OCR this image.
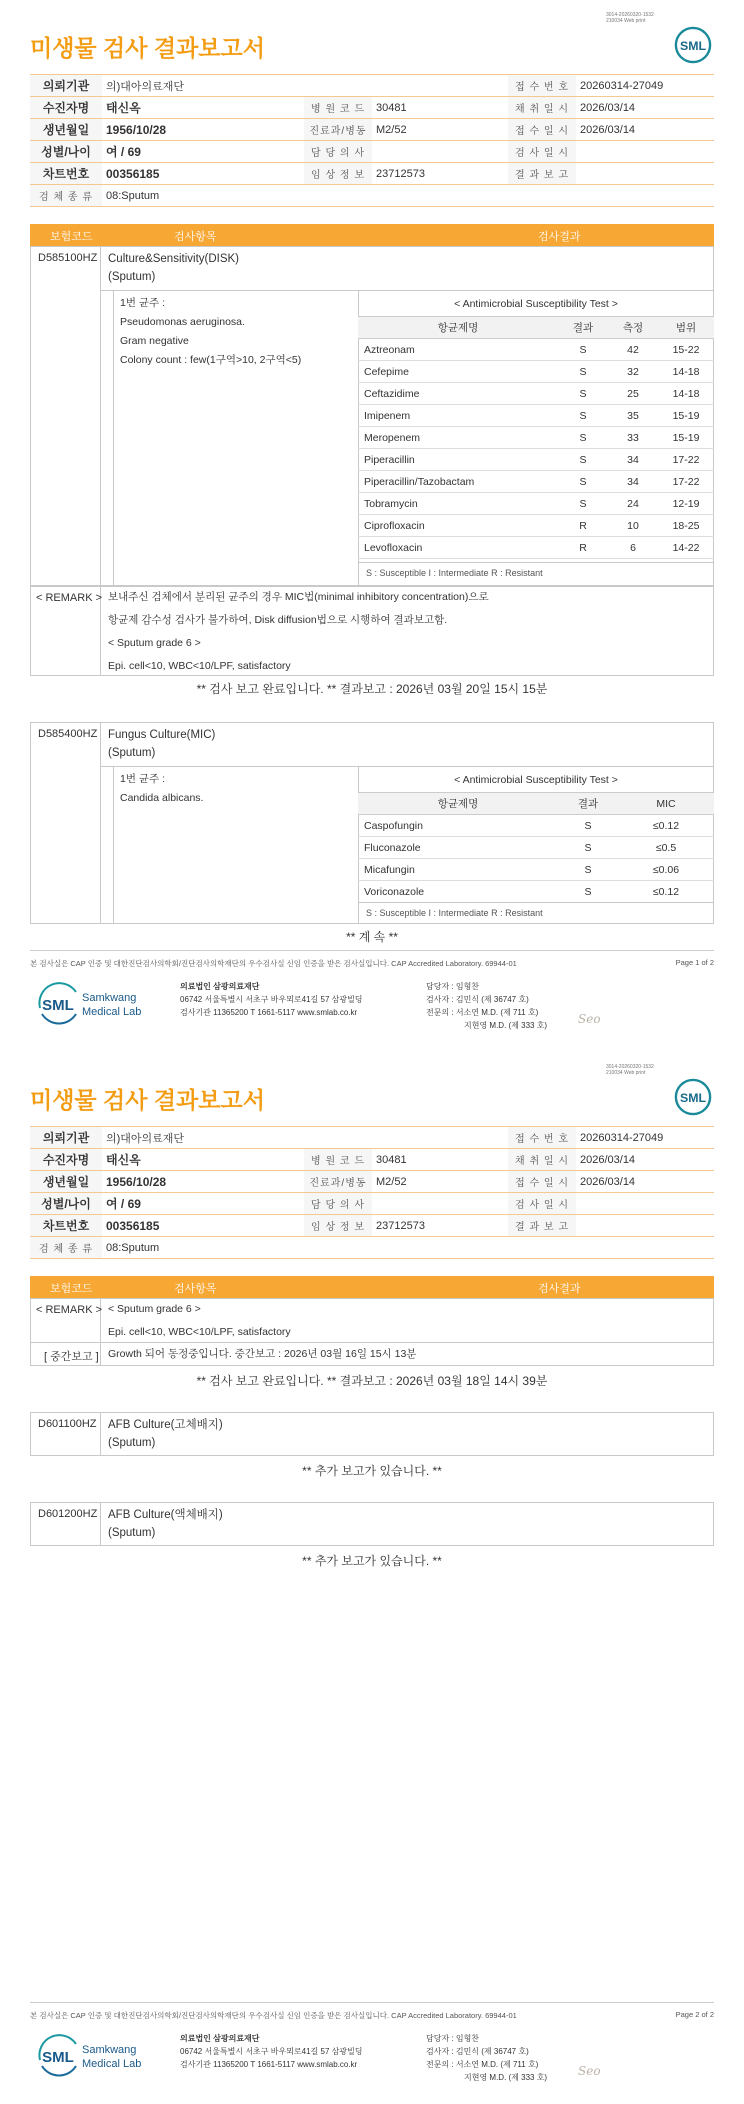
3014-20260320-1532
210034 Web print
미생물 검사 결과보고서	SML
의뢰기관	의)대아의료재단			접 수 번 호	20260314-27049
수진자명	태신옥	병 원 코 드	30481	채 취 일 시	2026/03/14
생년월일	1956/10/28	진료과/병동	M2/52	접 수 일 시	2026/03/14
성별/나이	여 / 69	담 당 의 사		검 사 일 시	
차트번호	00356185	임 상 정 보	23712573	결 과 보 고	
검 체 종 류	08:Sputum				
보험코드	검사항목	검사결과
D585100HZ Culture&Sensitivity(DISK)
(Sputum)
1번 균주 :
Pseudomonas aeruginosa.
Gram negative
Colony count : few(1구역>10, 2구역<5)
< Antimicrobial Susceptibility Test >
항균제명	결과	측정	범위
Aztreonam	S	42	15-22
Cefepime	S	32	14-18
Ceftazidime	S	25	14-18
Imipenem	S	35	15-19
Meropenem	S	33	15-19
Piperacillin	S	34	17-22
Piperacillin/Tazobactam	S	34	17-22
Tobramycin	S	24	12-19
Ciprofloxacin	R	10	18-25
Levofloxacin	R	6	14-22
S : Susceptible I : Intermediate R : Resistant
< REMARK > 보내주신 검체에서 분리된 균주의 경우 MIC법(minimal inhibitory concentration)으로
항균제 감수성 검사가 불가하여, Disk diffusion법으로 시행하여 결과보고함.
< Sputum grade 6 >
Epi. cell<10, WBC<10/LPF, satisfactory
** 검사 보고 완료입니다. ** 결과보고 : 2026년 03월 20일 15시 15분
D585400HZ Fungus Culture(MIC)
(Sputum)
1번 균주 :
Candida albicans.
< Antimicrobial Susceptibility Test >
항균제명	결과	MIC
Caspofungin	S	≤0.12
Fluconazole	S	≤0.5
Micafungin	S	≤0.06
Voriconazole	S	≤0.12
S : Susceptible I : Intermediate R : Resistant
** 계 속 **
본 검사실은 CAP 인증 및 대한진단검사의학회/진단검사의학재단의 우수검사실 신임 인증을 받은 검사실입니다. CAP Accredited Laboratory. 69944-01	Page 1 of 2
SML Samkwang
Medical Lab
의료법인 삼광의료재단
06742 서울특별시 서초구 바우뫼로41길 57 삼광빌딩
검사기관 11365200 T 1661-5117 www.smlab.co.kr
담당자 : 임형찬
검사자 : 김민식 (제 36747 호)
전문의 : 서소연 M.D. (제 711 호)
지현영 M.D. (제 333 호)	Seo
3014-20260320-1532
210034 Web print
미생물 검사 결과보고서	SML
의뢰기관	의)대아의료재단			접 수 번 호	20260314-27049
수진자명	태신옥	병 원 코 드	30481	채 취 일 시	2026/03/14
생년월일	1956/10/28	진료과/병동	M2/52	접 수 일 시	2026/03/14
성별/나이	여 / 69	담 당 의 사		검 사 일 시	
차트번호	00356185	임 상 정 보	23712573	결 과 보 고	
검 체 종 류	08:Sputum				
보험코드	검사항목	검사결과
< REMARK > < Sputum grade 6 >
Epi. cell<10, WBC<10/LPF, satisfactory
[ 중간보고 ] Growth 되어 동정중입니다. 중간보고 : 2026년 03월 16일 15시 13분
** 검사 보고 완료입니다. ** 결과보고 : 2026년 03월 18일 14시 39분
D601100HZ AFB Culture(고체배지)
(Sputum)
** 추가 보고가 있습니다. **
D601200HZ AFB Culture(액체배지)
(Sputum)
** 추가 보고가 있습니다. **
본 검사실은 CAP 인증 및 대한진단검사의학회/진단검사의학재단의 우수검사실 신임 인증을 받은 검사실입니다. CAP Accredited Laboratory. 69944-01	Page 2 of 2
SML Samkwang
Medical Lab
의료법인 삼광의료재단
06742 서울특별시 서초구 바우뫼로41길 57 삼광빌딩
검사기관 11365200 T 1661-5117 www.smlab.co.kr
담당자 : 임형찬
검사자 : 김민식 (제 36747 호)
전문의 : 서소연 M.D. (제 711 호)
지현영 M.D. (제 333 호)	Seo
